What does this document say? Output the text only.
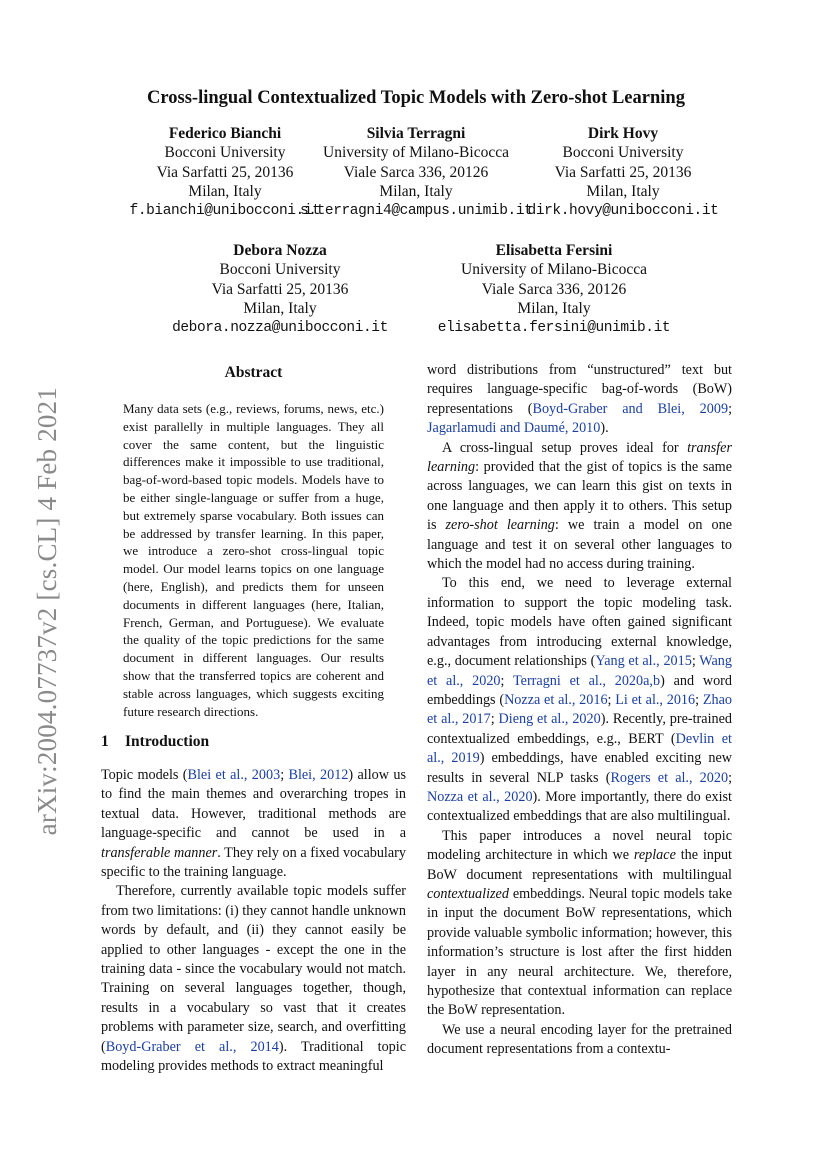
arXiv:2004.07737v2 [cs.CL] 4 Feb 2021
Cross-lingual Contextualized Topic Models with Zero-shot Learning
Federico Bianchi
Bocconi University
Via Sarfatti 25, 20136
Milan, Italy
f.bianchi@unibocconi.it
Silvia Terragni
University of Milano-Bicocca
Viale Sarca 336, 20126
Milan, Italy
s.terragni4@campus.unimib.it
Dirk Hovy
Bocconi University
Via Sarfatti 25, 20136
Milan, Italy
dirk.hovy@unibocconi.it
Debora Nozza
Bocconi University
Via Sarfatti 25, 20136
Milan, Italy
debora.nozza@unibocconi.it
Elisabetta Fersini
University of Milano-Bicocca
Viale Sarca 336, 20126
Milan, Italy
elisabetta.fersini@unimib.it
Abstract
Many data sets (e.g., reviews, forums, news, etc.) exist parallelly in multiple languages. They all cover the same content, but the linguistic differences make it impossible to use traditional, bag-of-word-based topic models. Models have to be either single-language or suffer from a huge, but extremely sparse vocabulary. Both issues can be addressed by transfer learning. In this paper, we introduce a zero-shot cross-lingual topic model. Our model learns topics on one language (here, English), and predicts them for unseen documents in different languages (here, Italian, French, German, and Portuguese). We evaluate the quality of the topic predictions for the same document in different languages. Our results show that the transferred topics are coherent and stable across languages, which suggests exciting future research directions.
1 Introduction

Topic models (Blei et al., 2003; Blei, 2012) allow us to find the main themes and overarching tropes in textual data. However, traditional methods are language-specific and cannot be used in a transferable manner. They rely on a fixed vocabulary specific to the training language.

Therefore, currently available topic models suffer from two limitations: (i) they cannot handle unknown words by default, and (ii) they cannot easily be applied to other languages - except the one in the training data - since the vocabulary would not match. Training on several languages together, though, results in a vocabulary so vast that it creates problems with parameter size, search, and overfitting (Boyd-Graber et al., 2014). Traditional topic modeling provides methods to extract meaningful

word distributions from “unstructured” text but requires language-specific bag-of-words (BoW) representations (Boyd-Graber and Blei, 2009; Jagarlamudi and Daumé, 2010).

A cross-lingual setup proves ideal for transfer learning: provided that the gist of topics is the same across languages, we can learn this gist on texts in one language and then apply it to others. This setup is zero-shot learning: we train a model on one language and test it on several other languages to which the model had no access during training.

To this end, we need to leverage external information to support the topic modeling task. Indeed, topic models have often gained significant advantages from introducing external knowledge, e.g., document relationships (Yang et al., 2015; Wang et al., 2020; Terragni et al., 2020a,b) and word embeddings (Nozza et al., 2016; Li et al., 2016; Zhao et al., 2017; Dieng et al., 2020). Recently, pre-trained contextualized embeddings, e.g., BERT (Devlin et al., 2019) embeddings, have enabled exciting new results in several NLP tasks (Rogers et al., 2020; Nozza et al., 2020). More importantly, there do exist contextualized embeddings that are also multilingual.

This paper introduces a novel neural topic modeling architecture in which we replace the input BoW document representations with multilingual contextualized embeddings. Neural topic models take in input the document BoW representations, which provide valuable symbolic information; however, this information’s structure is lost after the first hidden layer in any neural architecture. We, therefore, hypothesize that contextual information can replace the BoW representation.

We use a neural encoding layer for the pretrained document representations from a contextu-
